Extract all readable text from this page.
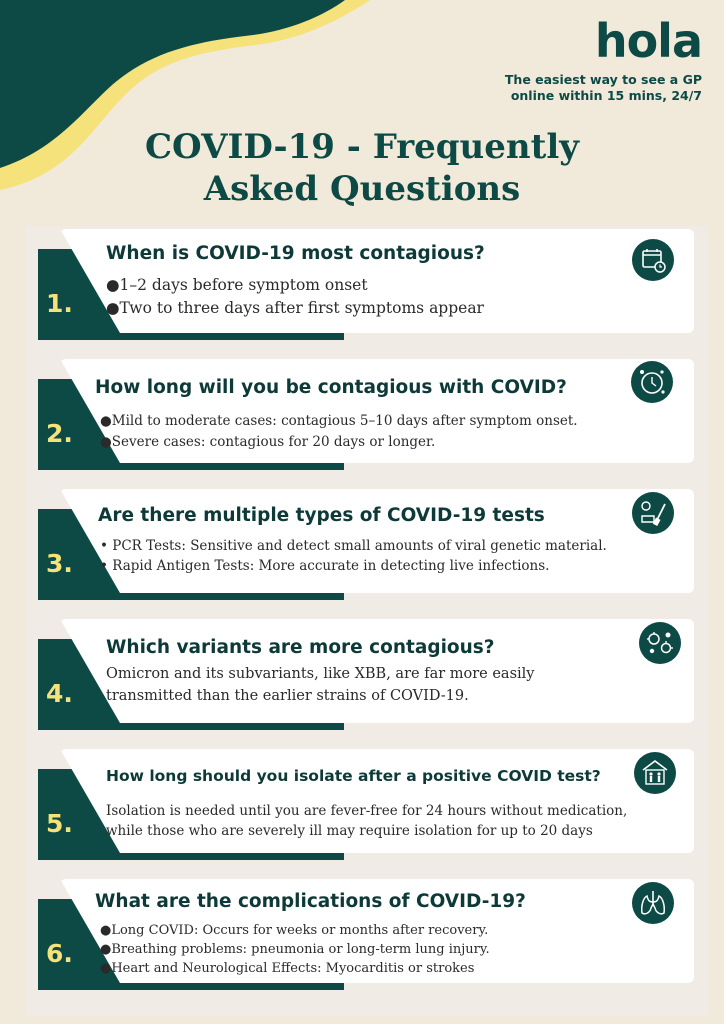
hola
The easiest way to see a GP
online within 15 mins, 24/7
COVID-19 - Frequently
Asked Questions
1.
When is COVID-19 most contagious?
●1–2 days before symptom onset
●Two to three days after first symptoms appear
2.
How long will you be contagious with COVID?
●Mild to moderate cases: contagious 5–10 days after symptom onset.
●Severe cases: contagious for 20 days or longer.
3.
Are there multiple types of COVID-19 tests
• PCR Tests: Sensitive and detect small amounts of viral genetic material.
• Rapid Antigen Tests: More accurate in detecting live infections.
4.
Which variants are more contagious?
Omicron and its subvariants, like XBB, are far more easily
transmitted than the earlier strains of COVID-19.
5.
How long should you isolate after a positive COVID test?
Isolation is needed until you are fever-free for 24 hours without medication,
while those who are severely ill may require isolation for up to 20 days
6.
What are the complications of COVID-19?
●Long COVID: Occurs for weeks or months after recovery.
●Breathing problems: pneumonia or long-term lung injury.
●Heart and Neurological Effects: Myocarditis or strokes
